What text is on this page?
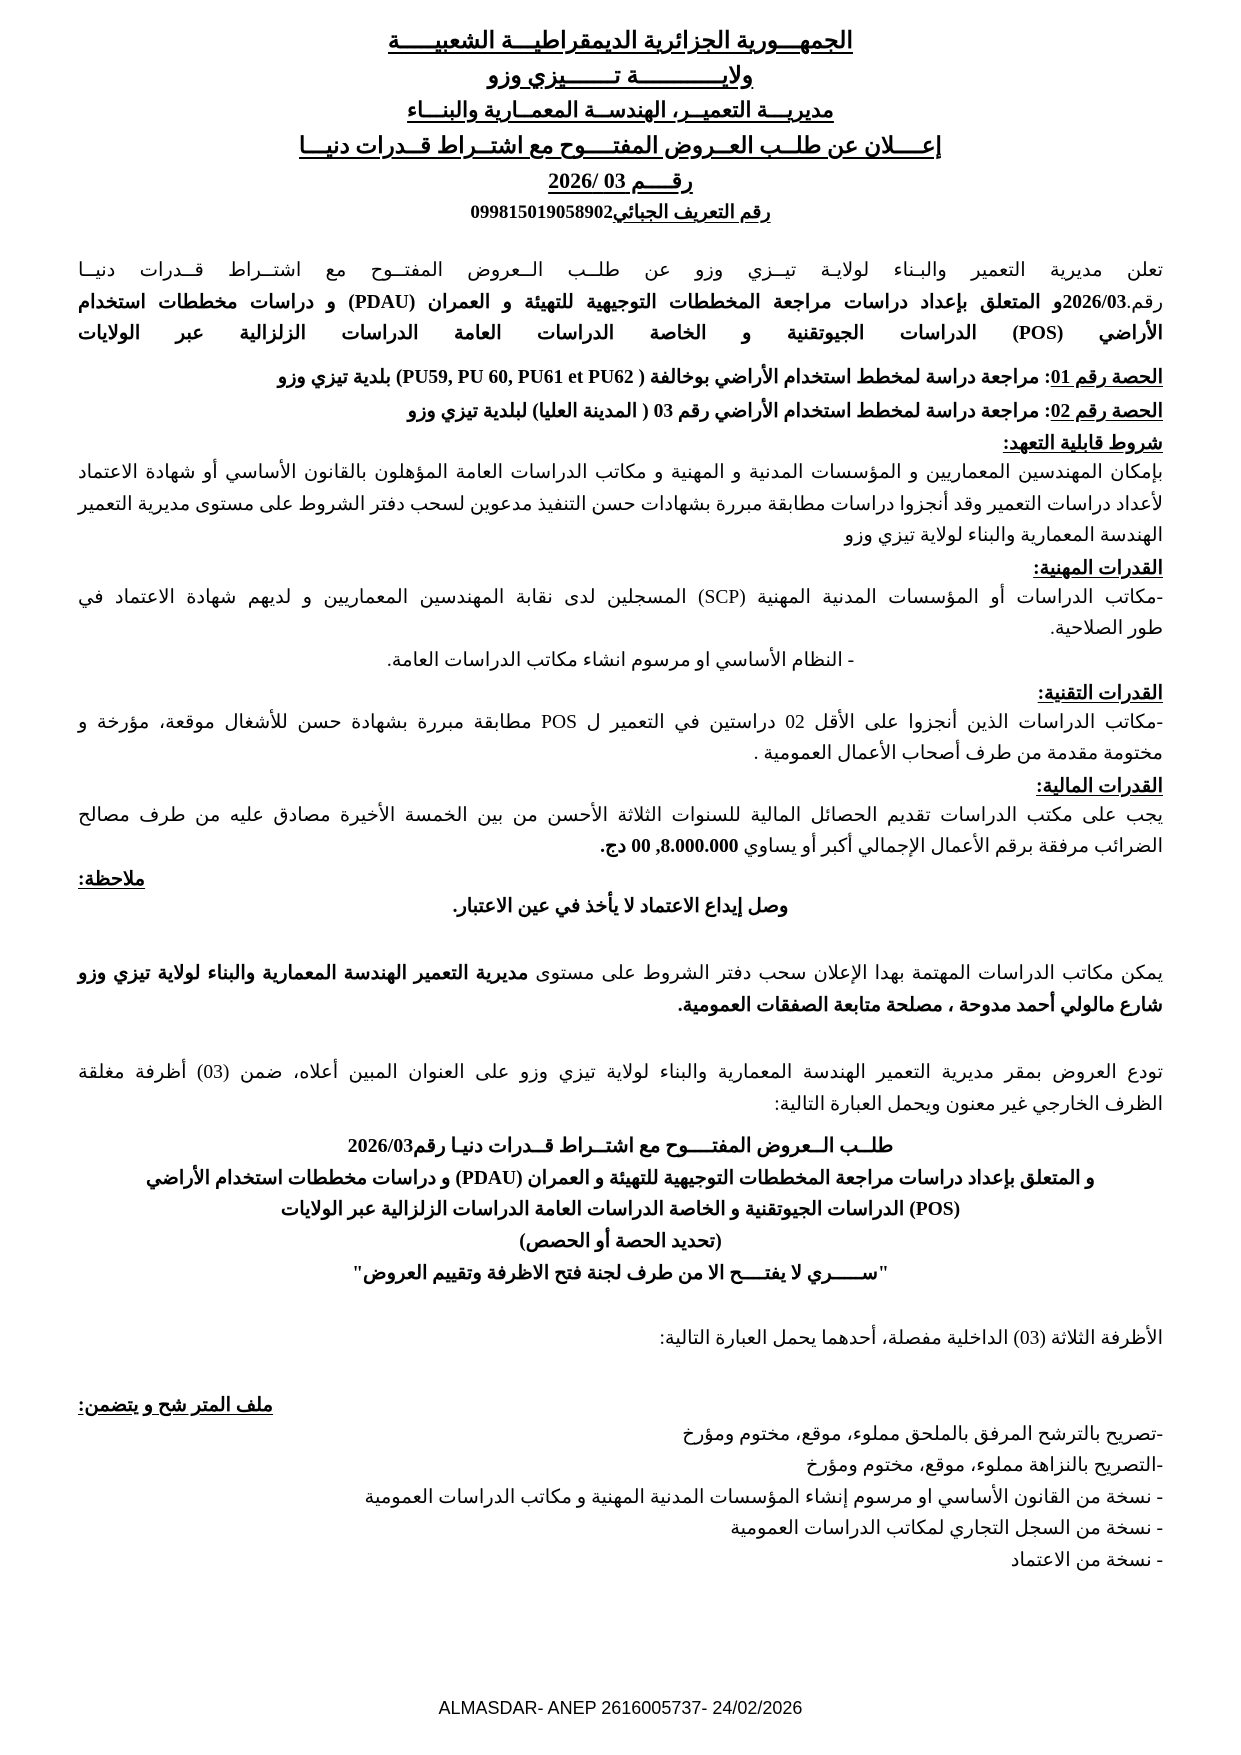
الجمهـــورية الجزائرية الديمقراطيـــة الشعبيـــــة
ولايــــــــــــة تـــــــيزي وزو
مديريـــة التعميــر، الهندســة المعمــارية والبنـــاء
إعــــلان عن طلــب العــروض المفتــــوح مع اشتــراط قــدرات دنيـــا
رقــــم 03 /2026
رقم التعريف الجبائي099815019058902
تعلن مديرية التعمير والبـناء لولايـة تيــزي وزو عن طلــب الــعروض المفتــوح مع اشتــراط قــدرات دنيــا
رقم.2026/03و المتعلق بإعداد دراسات مراجعة المخططات التوجيهية للتهيئة و العمران (PDAU) و دراسات مخططات استخدام
الأراضي (POS) الدراسات الجيوتقنية و الخاصة الدراسات العامة الدراسات الزلزالية عبر الولايات
الحصة رقم 01: مراجعة دراسة لمخطط استخدام الأراضي بوخالفة ( PU59, PU 60, PU61 et PU62) بلدية تيزي وزو
الحصة رقم 02: مراجعة دراسة لمخطط استخدام الأراضي رقم 03 ( المدينة العليا) لبلدية تيزي وزو
شروط قابلية التعهد:
بإمكان المهندسين المعماريين و المؤسسات المدنية و المهنية و مكاتب الدراسات العامة المؤهلون بالقانون الأساسي أو شهادة الاعتماد
لأعداد دراسات التعمير وقد أنجزوا دراسات مطابقة مبررة بشهادات حسن التنفيذ مدعوين لسحب دفتر الشروط على مستوى مديرية التعمير
الهندسة المعمارية والبناء لولاية تيزي وزو
القدرات المهنية:
-مكاتب الدراسات أو المؤسسات المدنية المهنية (SCP) المسجلين لدى نقابة المهندسين المعماريين و لديهم شهادة الاعتماد في
طور الصلاحية.
- النظام الأساسي او مرسوم انشاء مكاتب الدراسات العامة.
القدرات التقنية:
-مكاتب الدراسات الذين أنجزوا على الأقل 02 دراستين في التعمير ل POS مطابقة مبررة بشهادة حسن للأشغال موقعة، مؤرخة و
مختومة مقدمة من طرف أصحاب الأعمال العمومية .
القدرات المالية:
يجب على مكتب الدراسات تقديم الحصائل المالية للسنوات الثلاثة الأحسن من بين الخمسة الأخيرة مصادق عليه من طرف مصالح
الضرائب مرفقة برقم الأعمال الإجمالي أكبر أو يساوي 8.000.000, 00 دج.
ملاحظة:
وصل إيداع الاعتماد لا يأخذ في عين الاعتبار.
يمكن مكاتب الدراسات المهتمة بهدا الإعلان سحب دفتر الشروط على مستوى مديرية التعمير الهندسة المعمارية والبناء لولاية تيزي وزو
شارع مالولي أحمد مدوحة ، مصلحة متابعة الصفقات العمومية.
تودع العروض بمقر مديرية التعمير الهندسة المعمارية والبناء لولاية تيزي وزو على العنوان المبين أعلاه، ضمن (03) أظرفة مغلقة
الظرف الخارجي غير معنون ويحمل العبارة التالية:
طلــب الــعروض المفتــــوح مع اشتــراط قــدرات دنيـا رقم2026/03
و المتعلق بإعداد دراسات مراجعة المخططات التوجيهية للتهيئة و العمران (PDAU) و دراسات مخططات استخدام الأراضي
(POS) الدراسات الجيوتقنية و الخاصة الدراسات العامة الدراسات الزلزالية عبر الولايات
(تحديد الحصة أو الحصص)
"ســـــري لا يفتــــح الا من طرف لجنة فتح الاظرفة وتقييم العروض"
الأظرفة الثلاثة (03) الداخلية مفصلة، أحدهما يحمل العبارة التالية:
ملف المتر شح و يتضمن:
-تصريح بالترشح المرفق بالملحق مملوء، موقع، مختوم ومؤرخ
-التصريح بالنزاهة مملوء، موقع، مختوم ومؤرخ
- نسخة من القانون الأساسي او مرسوم إنشاء المؤسسات المدنية المهنية و مكاتب الدراسات العمومية
- نسخة من السجل التجاري لمكاتب الدراسات العمومية
- نسخة من الاعتماد
ALMASDAR- ANEP 2616005737- 24/02/2026
